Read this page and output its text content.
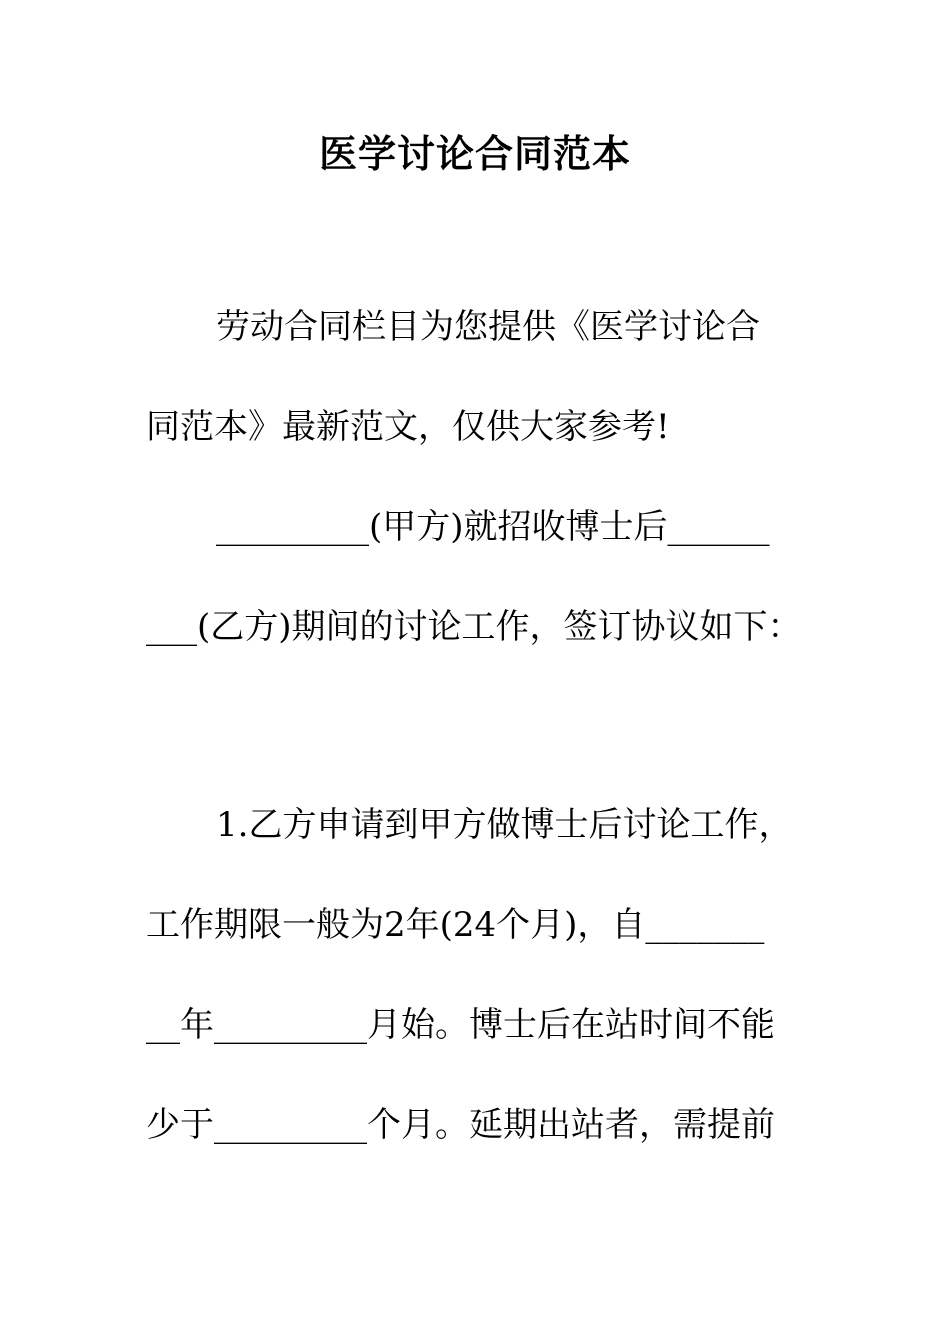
医学讨论合同范本
劳动合同栏目为您提供《医学讨论合
同范本》最新范文，仅供大家参考!
_________(甲方)就招收博士后______
___(乙方)期间的讨论工作，签订协议如下：
1.乙方申请到甲方做博士后讨论工作，
工作期限一般为2年(24个月)，自_______
__年_________月始。博士后在站时间不能
少于_________个月。延期出站者，需提前
